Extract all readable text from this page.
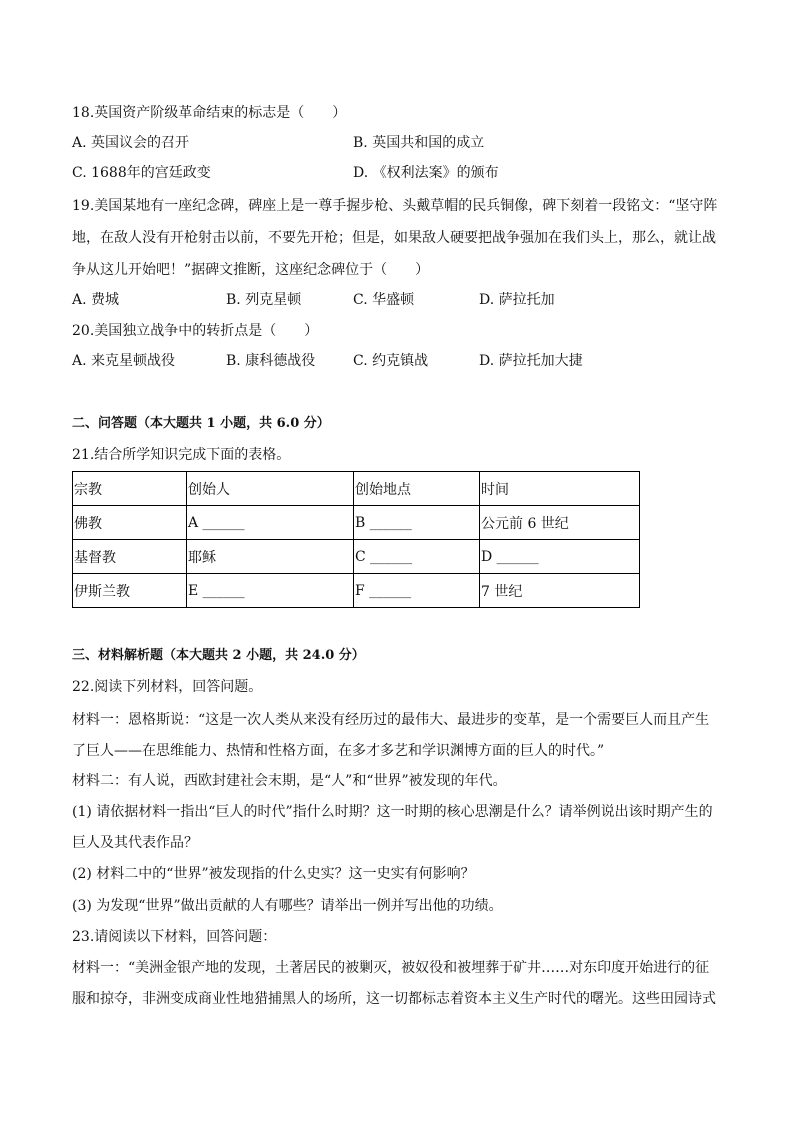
18.英国资产阶级革命结束的标志是（　　）
A. 英国议会的召开	B. 英国共和国的成立
C. 1688年的宫廷政变	D. 《权利法案》的颁布
19.美国某地有一座纪念碑，碑座上是一尊手握步枪、头戴草帽的民兵铜像，碑下刻着一段铭文：“坚守阵
地，在敌人没有开枪射击以前，不要先开枪；但是，如果敌人硬要把战争强加在我们头上，那么，就让战
争从这儿开始吧！”据碑文推断，这座纪念碑位于（　　）
A. 费城	B. 列克星顿	C. 华盛顿	D. 萨拉托加
20.美国独立战争中的转折点是（　　）
A. 来克星顿战役	B. 康科德战役	C. 约克镇战	D. 萨拉托加大捷
二、问答题（本大题共 1 小题，共 6.0 分）
21.结合所学知识完成下面的表格。
宗教	创始人	创始地点	时间
佛教	A ______	B ______	公元前 6 世纪
基督教	耶稣	C ______	D ______
伊斯兰教	E ______	F ______	7 世纪
三、材料解析题（本大题共 2 小题，共 24.0 分）
22.阅读下列材料，回答问题。
材料一：恩格斯说：“这是一次人类从来没有经历过的最伟大、最进步的变革，是一个需要巨人而且产生
了巨人——在思维能力、热情和性格方面，在多才多艺和学识渊博方面的巨人的时代。”
材料二：有人说，西欧封建社会末期，是“人”和“世界”被发现的年代。
(1) 请依据材料一指出“巨人的时代”指什么时期？这一时期的核心思潮是什么？请举例说出该时期产生的
巨人及其代表作品？
(2) 材料二中的“世界”被发现指的什么史实？这一史实有何影响？
(3) 为发现“世界”做出贡献的人有哪些？请举出一例并写出他的功绩。
23.请阅读以下材料，回答问题：
材料一：“美洲金银产地的发现，土著居民的被剿灭，被奴役和被埋葬于矿井……对东印度开始进行的征
服和掠夺，非洲变成商业性地猎捕黑人的场所，这一切都标志着资本主义生产时代的曙光。这些田园诗式
